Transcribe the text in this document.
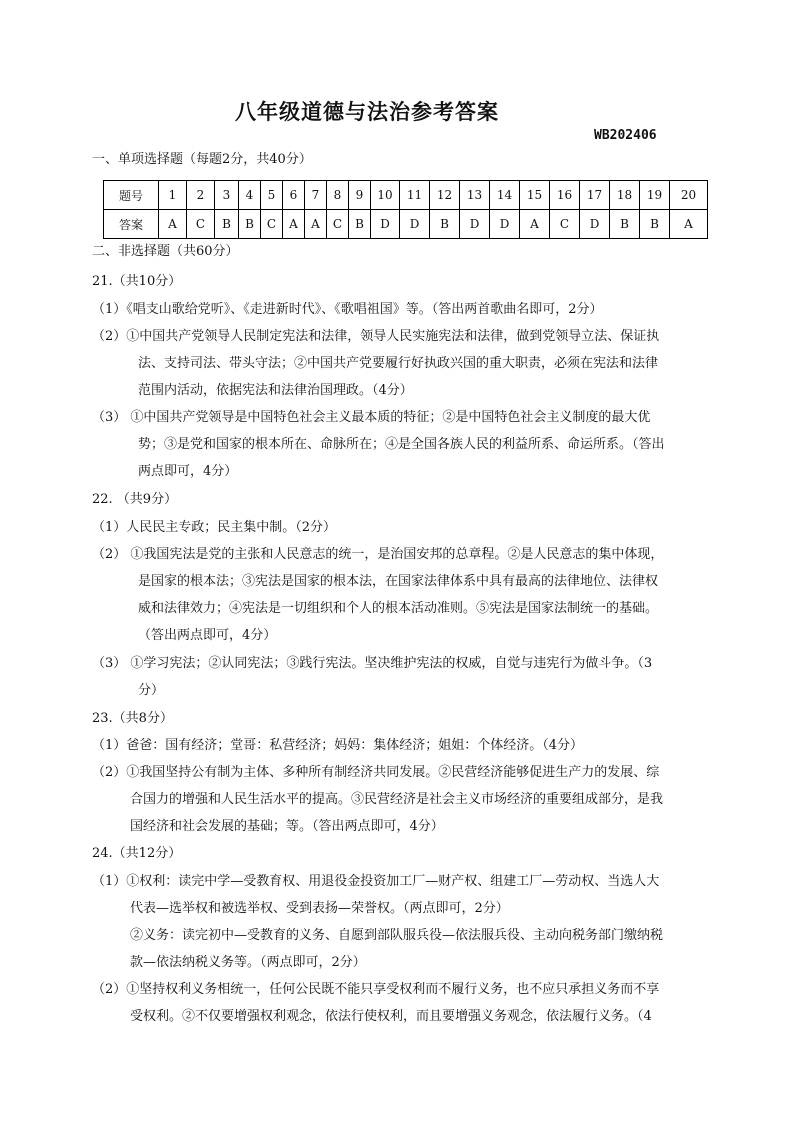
八年级道德与法治参考答案
WB202406
一、单项选择题（每题2分，共40分）
题号	1	2	3	4	5	6	7	8	9	10	11	12	13	14	15	16	17	18	19	20
答案	A	C	B	B	C	A	A	C	B	D	D	B	D	D	A	C	D	B	B	A
二、非选择题（共60分）
21.（共10分）
（1）《唱支山歌给党听》、《走进新时代》、《歌唱祖国》等。（答出两首歌曲名即可，2分）
（2）①中国共产党领导人民制定宪法和法律，领导人民实施宪法和法律，做到党领导立法、保证执
法、支持司法、带头守法；②中国共产党要履行好执政兴国的重大职责，必须在宪法和法律
范围内活动，依据宪法和法律治国理政。（4分）
（3） ①中国共产党领导是中国特色社会主义最本质的特征；②是中国特色社会主义制度的最大优
势；③是党和国家的根本所在、命脉所在；④是全国各族人民的利益所系、命运所系。（答出
两点即可，4分）
22. （共9分）
（1）人民民主专政；民主集中制。（2分）
（2） ①我国宪法是党的主张和人民意志的统一，是治国安邦的总章程。②是人民意志的集中体现，
是国家的根本法；③宪法是国家的根本法，在国家法律体系中具有最高的法律地位、法律权
威和法律效力；④宪法是一切组织和个人的根本活动准则。⑤宪法是国家法制统一的基础。
（答出两点即可，4分）
（3） ①学习宪法；②认同宪法；③践行宪法。坚决维护宪法的权威，自觉与违宪行为做斗争。（3
分）
23.（共8分）
（1）爸爸：国有经济；堂哥：私营经济；妈妈：集体经济；姐姐：个体经济。（4分）
（2）①我国坚持公有制为主体、多种所有制经济共同发展。②民营经济能够促进生产力的发展、综
合国力的增强和人民生活水平的提高。③民营经济是社会主义市场经济的重要组成部分，是我
国经济和社会发展的基础；等。（答出两点即可，4分）
24.（共12分）
（1）①权利：读完中学—受教育权、用退役金投资加工厂—财产权、组建工厂—劳动权、当选人大
代表—选举权和被选举权、受到表扬—荣誉权。（两点即可，2分）
②义务：读完初中—受教育的义务、自愿到部队服兵役—依法服兵役、主动向税务部门缴纳税
款—依法纳税义务等。（两点即可，2分）
（2）①坚持权利义务相统一，任何公民既不能只享受权利而不履行义务，也不应只承担义务而不享
受权利。②不仅要增强权利观念，依法行使权利，而且要增强义务观念，依法履行义务。（4
